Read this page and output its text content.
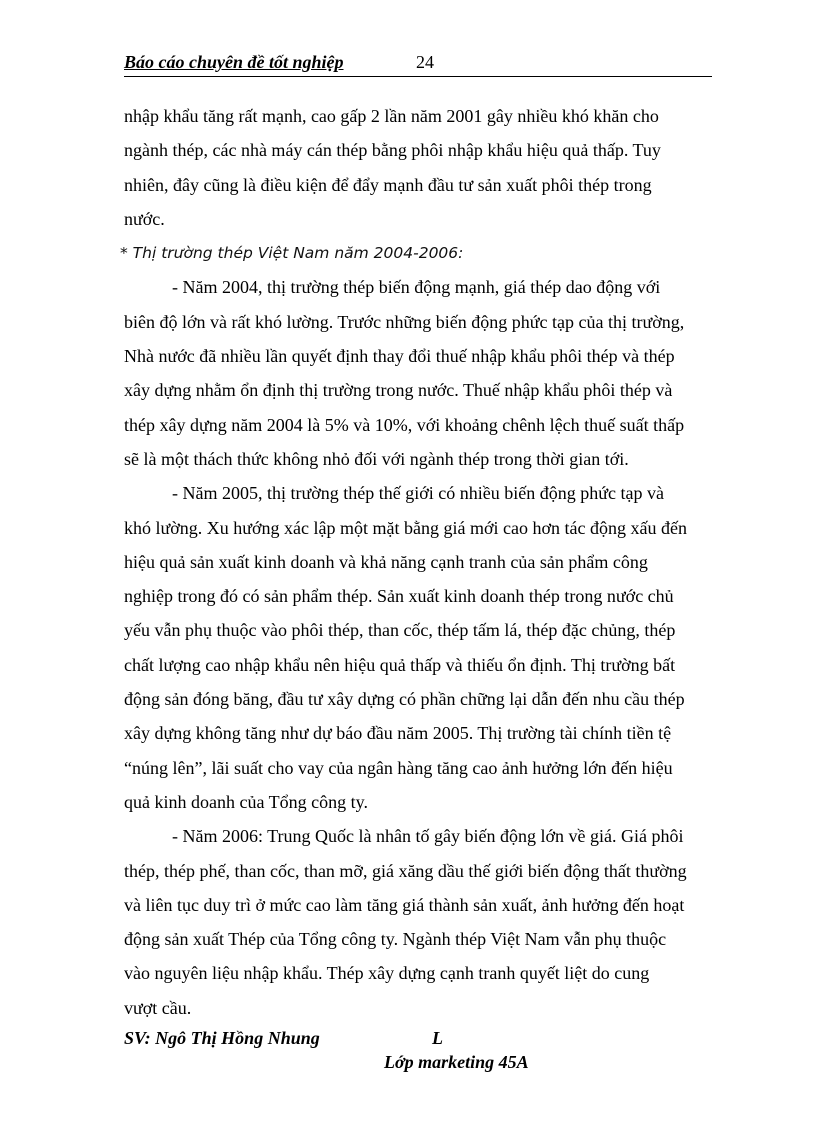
Báo cáo chuyên đề tốt nghiệp	24

nhập khẩu tăng rất mạnh, cao gấp 2 lần năm 2001 gây nhiều khó khăn cho
ngành thép, các nhà máy cán thép bằng phôi nhập khẩu hiệu quả thấp. Tuy
nhiên, đây cũng là điều kiện để đẩy mạnh đầu tư sản xuất phôi thép trong
nước.

* Thị trường thép Việt Nam năm 2004-2006:

- Năm 2004, thị trường thép biến động mạnh, giá thép dao động với
biên độ lớn và rất khó lường. Trước những biến động phức tạp của thị trường,
Nhà nước đã nhiều lần quyết định thay đổi thuế nhập khẩu phôi thép và thép
xây dựng nhằm ổn định thị trường trong nước. Thuế nhập khẩu phôi thép và
thép xây dựng năm 2004 là 5% và 10%, với khoảng chênh lệch thuế suất thấp
sẽ là một thách thức không nhỏ đối với ngành thép trong thời gian tới.

- Năm 2005, thị trường thép thế giới có nhiều biến động phức tạp và
khó lường. Xu hướng xác lập một mặt bằng giá mới cao hơn tác động xấu đến
hiệu quả sản xuất kinh doanh và khả năng cạnh tranh của sản phẩm công
nghiệp trong đó có sản phẩm thép. Sản xuất kinh doanh thép trong nước chủ
yếu vẫn phụ thuộc vào phôi thép, than cốc, thép tấm lá, thép đặc chủng, thép
chất lượng cao nhập khẩu nên hiệu quả thấp và thiếu ổn định. Thị trường bất
động sản đóng băng, đầu tư xây dựng có phần chững lại dẫn đến nhu cầu thép
xây dựng không tăng như dự báo đầu năm 2005. Thị trường tài chính tiền tệ
“núng lên”, lãi suất cho vay của ngân hàng tăng cao ảnh hưởng lớn đến hiệu
quả kinh doanh của Tổng công ty.

- Năm 2006: Trung Quốc là nhân tố gây biến động lớn về giá. Giá phôi
thép, thép phế, than cốc, than mỡ, giá xăng dầu thế giới biến động thất thường
và liên tục duy trì ở mức cao làm tăng giá thành sản xuất, ảnh hưởng đến hoạt
động sản xuất Thép của Tổng công ty. Ngành thép Việt Nam vẫn phụ thuộc
vào nguyên liệu nhập khẩu. Thép xây dựng cạnh tranh quyết liệt do cung
vượt cầu.

SV: Ngô Thị Hồng Nhung	L
Lớp marketing 45A
